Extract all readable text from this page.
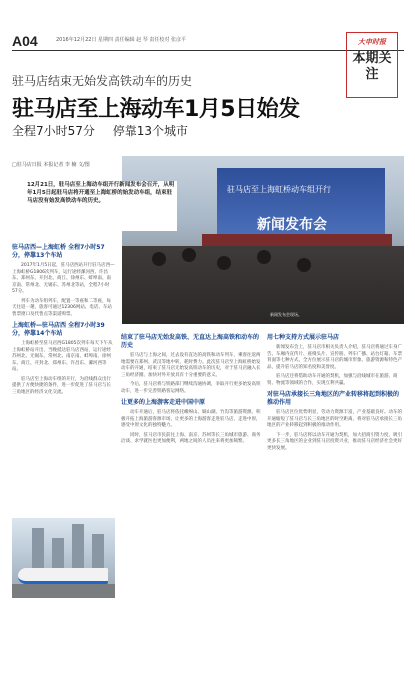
A04	2016年12月22日 星期四 责任编辑 赵 琴 责任校对 张彦平	大申时报
本期关注
驻马店结束无始发高铁动车的历史
驻马店至上海动车1月5日始发
全程7小时57分 停靠13个城市
□驻马店日报 本报记者 李 楠 文/图
驻马店至上海虹桥动车组开行
新闻发布会
新闻发布会现场。
12月21日，驻马店至上海动车组开行新闻发布会召开，从明年1月5日起驻马店将开通至上海虹桥的始发动车组，结束驻马店没有始发高铁动车的历史。
驻马店西—上海虹桥 全程7小时57分，停靠13个车站

2017年1月5日起，驻马店西站开行驻马店西—上海虹桥G1806次列车，运行途经漯河西、许昌东、郑州东、开封北、商丘、徐州东、蚌埠南、南京南、常州北、无锡东、苏州北等站，全程7小时57分。

列车为动车组列车，配置一等座和二等座，每天往返一趟，旅客可通过12306网站、电话、车站售票窗口及代售点等渠道购票。

上海虹桥—驻马店西 全程7小时39分，停靠14个车站

上海虹桥至驻马店西G1805次列车每天下午从上海虹桥站开出，当晚抵达驻马店西站，运行途经苏州北、无锡东、常州北、南京南、蚌埠南、徐州东、商丘、开封北、郑州东、许昌东、漯河西等站。

驻马店至上海动车组的开行，为沿线群众出行提供了方便快捷的条件，进一步促进了驻马店与长三角地区的经济文化交流。

结束了驻马店无始发高铁、无直达上海高铁和动车的历史

驻马店与上海之间，过去没有直达的高铁和动车列车，乘客往返两地需要在郑州、武汉等地中转，耗时费力。此次驻马店至上海虹桥始发动车的开通，结束了驻马店无始发高铁动车的历史，对于驻马店融入长三角经济圈、加快对外开放具有十分重要的意义。

今后，驻马店将与铁路部门继续沟通协调，争取开行更多始发高铁动车，进一步完善铁路客运网络。

让更多的上海游客走进中国中原

动车开通后，驻马店将依托嵖岈山、铜山湖、竹沟等旅游资源，积极开拓上海旅游客源市场，让更多的上海游客走进驻马店、走进中原，感受中原文化的独特魅力。

同时，驻马店市民前往上海、南京、苏州等长三角城市旅游、商务洽谈、求学就医也更加便利，两地之间的人员往来将更加频繁。

用七种支持方式展示驻马店

新闻发布会上，驻马店市相关负责人介绍，驻马店将通过车身广告、车厢内宣传片、座椅头片、宣传册、列车广播、站台灯箱、车票背面等七种方式，全方位展示驻马店的城市形象、旅游资源和特色产品，提升驻马店的知名度和美誉度。

驻马店还将借助动车开通的契机，加强与沿线城市在旅游、商贸、物流等领域的合作，实现互利共赢。

对驻马店承接长三角地区的产业转移将起到积极的推动作用

驻马店区位优势明显，劳动力资源丰富，产业基础良好。动车的开通缩短了驻马店与长三角地区的时空距离，将对驻马店承接长三角地区的产业转移起到积极的推动作用。

下一步，驻马店将以动车开通为契机，加大招商引资力度，吸引更多长三角地区的企业到驻马店投资兴业，推动驻马店经济社会更好更快发展。
